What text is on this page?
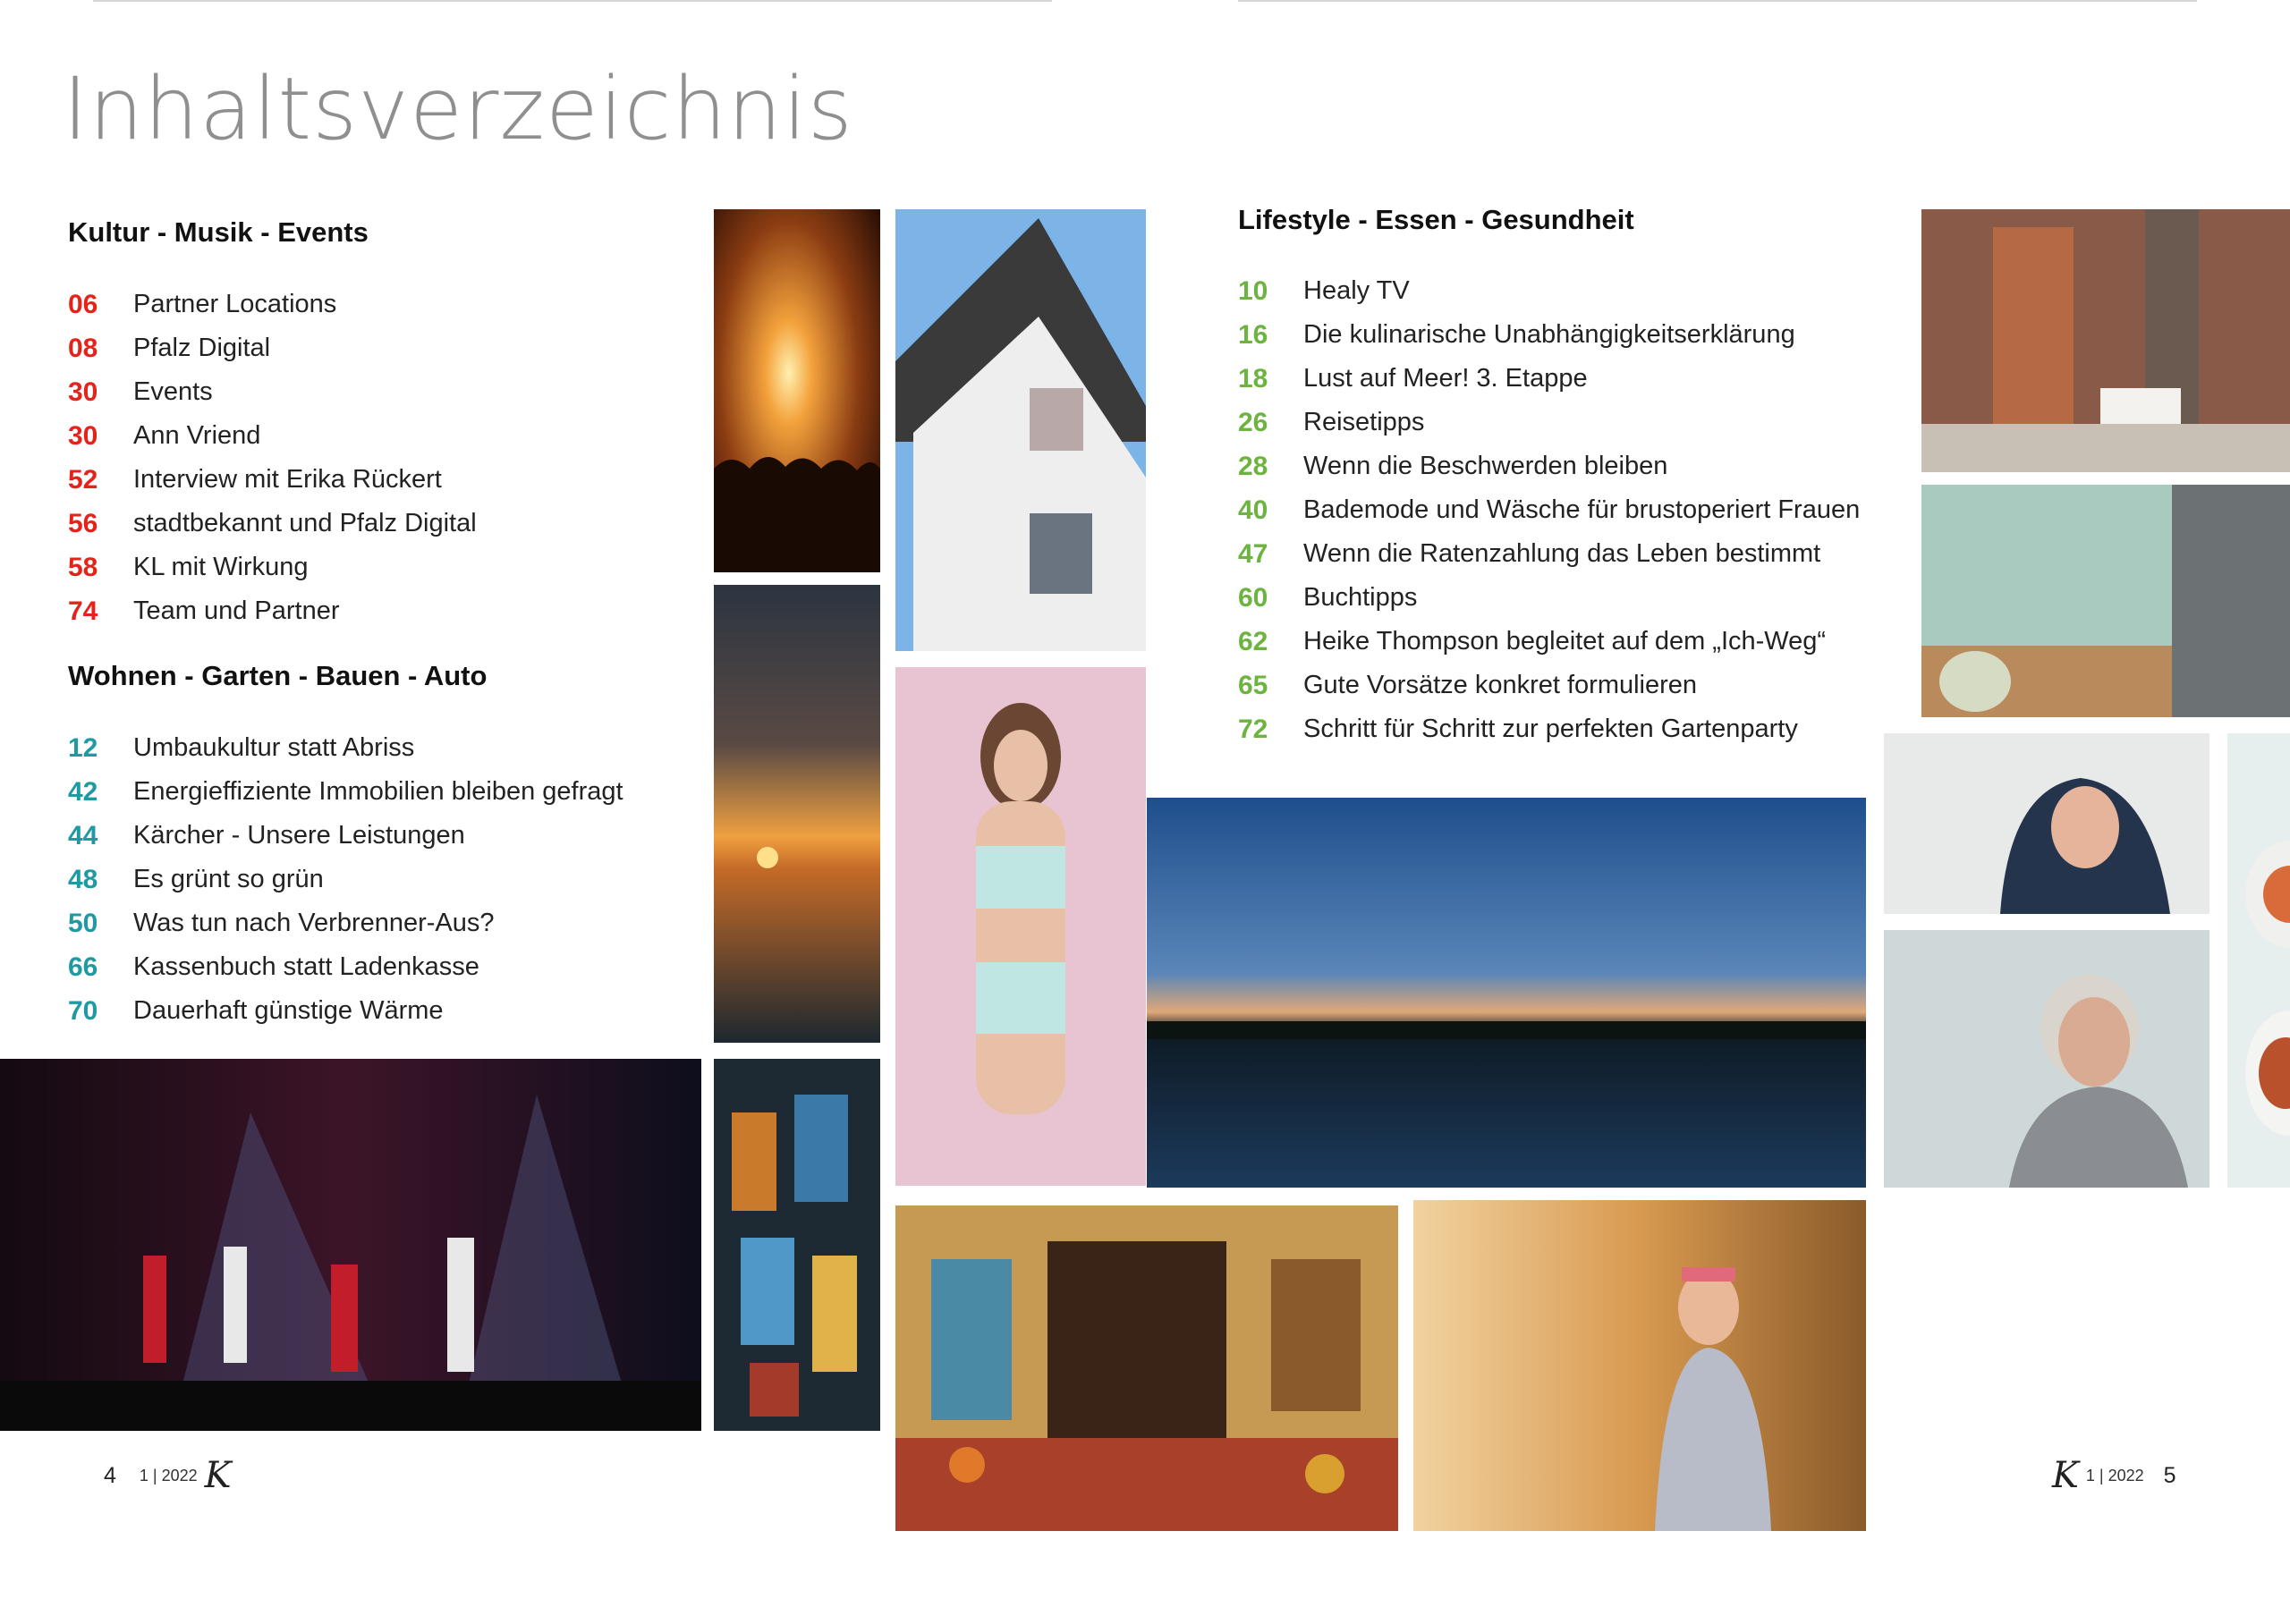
Inhaltsverzeichnis
Kultur - Musik - Events
06	Partner Locations
08	Pfalz Digital
30	Events
30	Ann Vriend
52	Interview mit Erika Rückert
56	stadtbekannt und Pfalz Digital
58	KL mit Wirkung
74	Team und Partner
Wohnen - Garten - Bauen - Auto
12	Umbaukultur statt Abriss
42	Energieffiziente Immobilien bleiben gefragt
44	Kärcher - Unsere Leistungen
48	Es grünt so grün
50	Was tun nach Verbrenner-Aus?
66	Kassenbuch statt Ladenkasse
70	Dauerhaft günstige Wärme
Lifestyle - Essen - Gesundheit
10	Healy TV
16	Die kulinarische Unabhängigkeitserklärung
18	Lust auf Meer! 3. Etappe
26	Reisetipps
28	Wenn die Beschwerden bleiben
40	Bademode und Wäsche für brustoperiert Frauen
47	Wenn die Ratenzahlung das Leben bestimmt
60	Buchtipps
62	Heike Thompson begleitet auf dem „Ich-Weg“
65	Gute Vorsätze konkret formulieren
72	Schritt für Schritt zur perfekten Gartenparty
4 1 | 2022 K	K 1 | 2022 5
